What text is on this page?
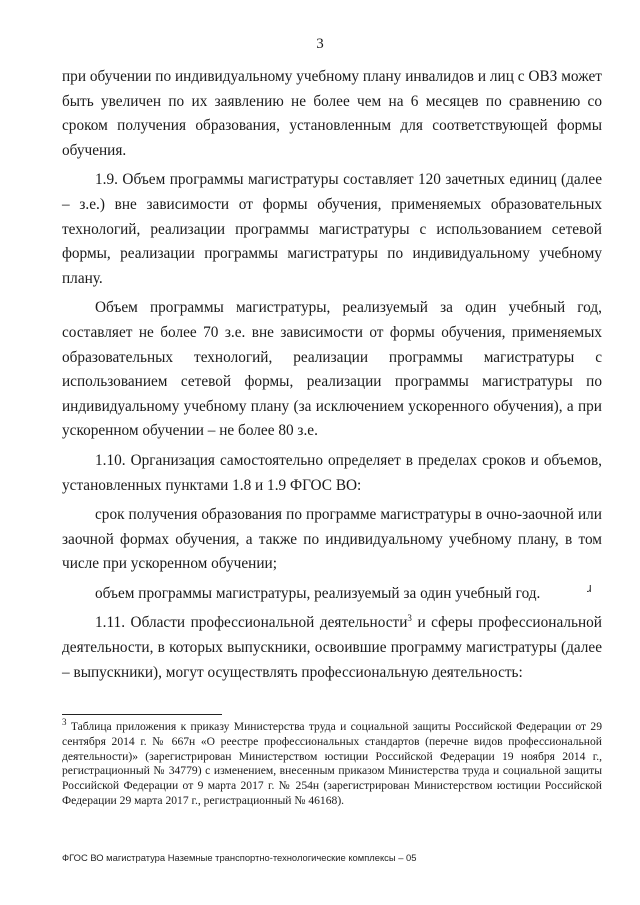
3

при обучении по индивидуальному учебному плану инвалидов и лиц с ОВЗ может быть увеличен по их заявлению не более чем на 6 месяцев по сравнению со сроком получения образования, установленным для соответствующей формы обучения.

1.9. Объем программы магистратуры составляет 120 зачетных единиц (далее – з.е.) вне зависимости от формы обучения, применяемых образовательных технологий, реализации программы магистратуры с использованием сетевой формы, реализации программы магистратуры по индивидуальному учебному плану.

Объем программы магистратуры, реализуемый за один учебный год, составляет не более 70 з.е. вне зависимости от формы обучения, применяемых образовательных технологий, реализации программы магистратуры с использованием сетевой формы, реализации программы магистратуры по индивидуальному учебному плану (за исключением ускоренного обучения), а при ускоренном обучении – не более 80 з.е.

1.10. Организация самостоятельно определяет в пределах сроков и объемов, установленных пунктами 1.8 и 1.9 ФГОС ВО:

срок получения образования по программе магистратуры в очно-заочной или заочной формах обучения, а также по индивидуальному учебному плану, в том числе при ускоренном обучении;

объем программы магистратуры, реализуемый за один учебный год.

1.11. Области профессиональной деятельности$^3$ и сферы профессиональной деятельности, в которых выпускники, освоившие программу магистратуры (далее – выпускники), могут осуществлять профессиональную деятельность:

ɹ

$^3$ Таблица приложения к приказу Министерства труда и социальной защиты Российской Федерации от 29 сентября 2014 г. № 667н «О реестре профессиональных стандартов (перечне видов профессиональной деятельности)» (зарегистрирован Министерством юстиции Российской Федерации 19 ноября 2014 г., регистрационный № 34779) с изменением, внесенным приказом Министерства труда и социальной защиты Российской Федерации от 9 марта 2017 г. № 254н (зарегистрирован Министерством юстиции Российской Федерации 29 марта 2017 г., регистрационный № 46168).

ФГОС ВО магистратура Наземные транспортно-технологические комплексы – 05
